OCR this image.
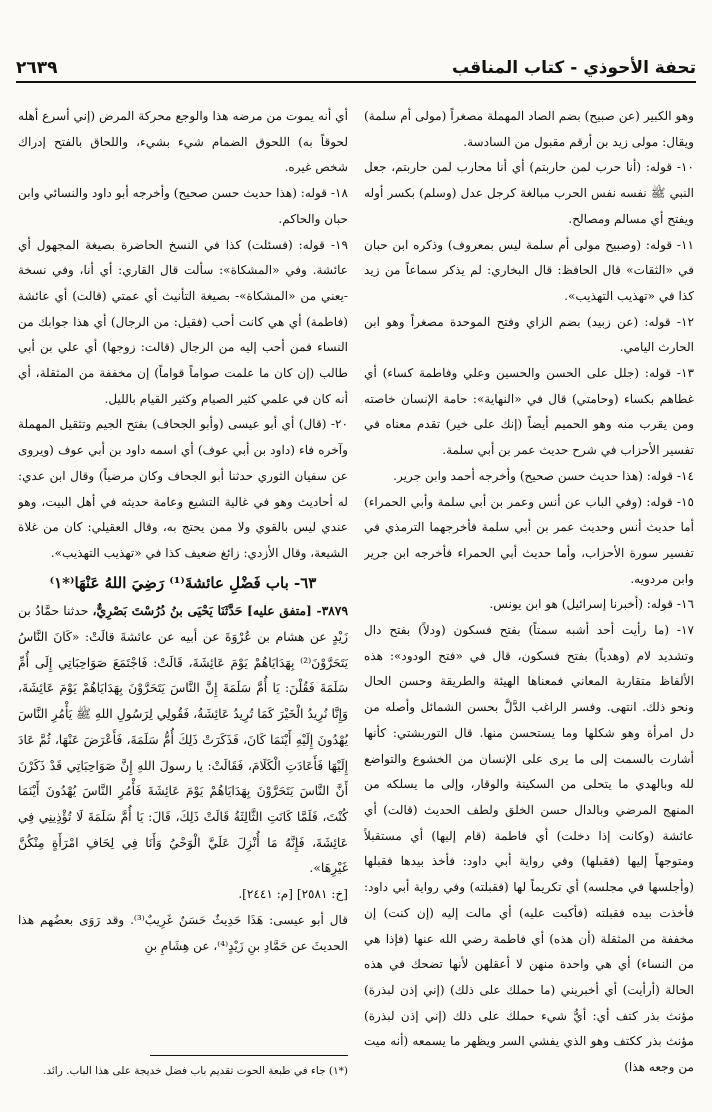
تحفة الأحوذي - كتاب المناقب
٢٦٣٩

وهو الكبير (عن صبيح) بضم الصاد المهملة مصغراً (مولى أم سلمة) ويقال: مولى زيد بن أرقم مقبول من السادسة.

١٠- قوله: (أنا حرب لمن حاربتم) أي أنا محارب لمن حاربتم، جعل النبي ﷺ نفسه نفس الحرب مبالغة كرجل عدل (وسلم) بكسر أوله ويفتح أي مسالم ومصالح.

١١- قوله: (وصبيح مولى أم سلمة ليس بمعروف) وذكره ابن حبان في «الثقات» قال الحافظ: قال البخاري: لم يذكر سماعاً من زيد كذا في «تهذيب التهذيب».

١٢- قوله: (عن زبيد) بضم الزاي وفتح الموحدة مصغراً وهو ابن الحارث اليامي.

١٣- قوله: (جلل على الحسن والحسين وعلي وفاطمة كساء) أي غطاهم بكساء (وحامتي) قال في «النهاية»: حامة الإنسان خاصته ومن يقرب منه وهو الحميم أيضاً (إنك على خير) تقدم معناه في تفسير الأحزاب في شرح حديث عمر بن أبي سلمة.

١٤- قوله: (هذا حديث حسن صحيح) وأخرجه أحمد وابن جرير.

١٥- قوله: (وفي الباب عن أنس وعمر بن أبي سلمة وأبي الحمراء) أما حديث أنس وحديث عمر بن أبي سلمة فأخرجهما الترمذي في تفسير سورة الأحزاب، وأما حديث أبي الحمراء فأخرجه ابن جرير وابن مردويه.

١٦- قوله: (أخبرنا إسرائيل) هو ابن يونس.

١٧- (ما رأيت أحد أشبه سمتاً) بفتح فسكون (ودلاً) بفتح دال وتشديد لام (وهدياً) بفتح فسكون، قال في «فتح الودود»: هذه الألفاظ متقاربة المعاني فمعناها الهيئة والطريقة وحسن الحال ونحو ذلك. انتهى. وفسر الراغب الدَّلَّ بحسن الشمائل وأصله من دل امرأة وهو شكلها وما يستحسن منها. قال التوربشتي: كأنها أشارت بالسمت إلى ما يرى على الإنسان من الخشوع والتواضع لله وبالهدي ما يتحلى من السكينة والوقار، وإلى ما يسلكه من المنهج المرضي وبالدال حسن الخلق ولطف الحديث (قالت) أي عائشة (وكانت إذا دخلت) أي فاطمة (قام إليها) أي مستقبلاً ومتوجهاً إليها (فقبلها) وفي رواية أبي داود: فأخذ بيدها فقبلها (وأجلسها في مجلسه) أي تكريماً لها (فقبلته) وفي رواية أبي داود: فأخذت بيده فقبلته (فأكبت عليه) أي مالت إليه (إن كنت) إن مخففة من المثقلة (أن هذه) أي فاطمة رضي الله عنها (فإذا هي من النساء) أي هي واحدة منهن لا أعقلهن لأنها تضحك في هذه الحالة (أرأيت) أي أخبريني (ما حملك على ذلك) (إني إذن لبذرة) مؤنث بذر كتف أي: أيُّ شيء حملك على ذلك (إني إذن لبذرة) مؤنث بذر ككتف وهو الذي يفشي السر ويظهر ما يسمعه (أنه ميت من وجعه هذا)

أي أنه يموت من مرضه هذا والوجع محركة المرض (إني أسرع أهله لحوقاً به) اللحوق الضمام شيء بشيء، واللحاق بالفتح إدراك شخص غيره.

١٨- قوله: (هذا حديث حسن صحيح) وأخرجه أبو داود والنسائي وابن حبان والحاكم.

١٩- قوله: (فسئلت) كذا في النسخ الحاضرة بصيغة المجهول أي عائشة. وفي «المشكاة»: سألت قال القاري: أي أنا، وفي نسخة -يعني من «المشكاة»- بصيغة التأنيث أي عمتي (قالت) أي عائشة (فاطمة) أي هي كانت أحب (فقيل: من الرجال) أي هذا جوابك من النساء فمن أحب إليه من الرجال (قالت: زوجها) أي علي بن أبي طالب (إن كان ما علمت صواماً قواماً) إن مخففة من المثقلة، أي أنه كان في علمي كثير الصيام وكثير القيام بالليل.

٢٠- (قال) أي أبو عيسى (وأبو الجحاف) بفتح الجيم وتثقيل المهملة وآخره فاء (داود بن أبي عوف) أي اسمه داود بن أبي عوف (ويروى عن سفيان الثوري حدثنا أبو الجحاف وكان مرضياً) وقال ابن عدي: له أحاديث وهو في غالية التشيع وعامة حديثه في أهل البيت، وهو عندي ليس بالقوي ولا ممن يحتج به، وقال العقيلي: كان من غلاة الشيعة، وقال الأزدي: زائغ ضعيف كذا في «تهذيب التهذيب».

٦٣- باب فَضْلِ عائشةَ⁽¹⁾ رَضِيَ اللهُ عَنْهَا⁽*١⁾

٣٨٧٩- [متفق عليه] حَدَّثَنَا يَحْيَى بنُ دُرُسْتَ بَصْرِيٌّ، حدثنا حمَّادُ بن زَيْدٍ عن هشام بن عُرْوَةَ عن أبيه عن عائشةَ قالَتْ: «كَانَ النَّاسُ يَتَحَرَّوْنَ⁽²⁾ بِهَدَايَاهُمْ يَوْمَ عَائِشَةَ، قَالَتْ: فَاجْتَمَعَ صَوَاحِبَاتِي إِلَى أُمِّ سَلَمَةَ فَقُلْنَ: يَا أُمَّ سَلَمَةَ إِنَّ النَّاسَ يَتَحَرَّوْنَ بِهَدَايَاهُمْ يَوْمَ عَائِشَةَ، وَإِنَّا نُرِيدُ الْخَيْرَ كَمَا تُرِيدُ عَائِشَةُ، فَقُولِي لِرَسُولِ اللهِ ﷺ يَأْمُرِ النَّاسَ يُهْدُونَ إِلَيْهِ أَيْنَمَا كَانَ، فَذَكَرَتْ ذَلِكَ أُمُّ سَلَمَةَ، فَأَعْرَضَ عَنْهَا، ثُمَّ عَادَ إِلَيْهَا فَأَعَادَتِ الْكَلَامَ، فَقَالَتْ: يا رسولَ اللهِ إِنَّ صَوَاحِبَاتِي قَدْ ذَكَرْنَ أَنَّ النَّاسَ يَتَحَرَّوْنَ بِهَدَايَاهُمْ يَوْمَ عَائِشَةَ فَأْمُرِ النَّاسَ يُهْدُونَ أَيْنَمَا كُنْتَ، فَلَمَّا كَانَتِ الثَّالِثَةُ قَالَتْ ذَلِكَ، قَالَ: يَا أُمَّ سَلَمَةَ لَا تُؤْذِينِي فِي عَائِشَةَ، فَإِنَّهُ مَا أُنْزِلَ عَلَيَّ الْوَحْيُ وَأَنَا فِي لِحَافِ امْرَأَةٍ مِنْكُنَّ غَيْرِهَا».

[خ: ٢٥٨١] [م: ٢٤٤١].

قال أبو عيسى: هَذَا حَدِيثٌ حَسَنٌ غَرِيبٌ⁽³⁾. وقد رَوَى بعضُهم هذا الحديثَ عن حَمَّادِ بنِ زَيْدٍ⁽⁴⁾، عن هِشَامِ بنِ

(*١) جاء في طبعة الحوت تقديم باب فضل خديجة على هذا الباب. رائد.
